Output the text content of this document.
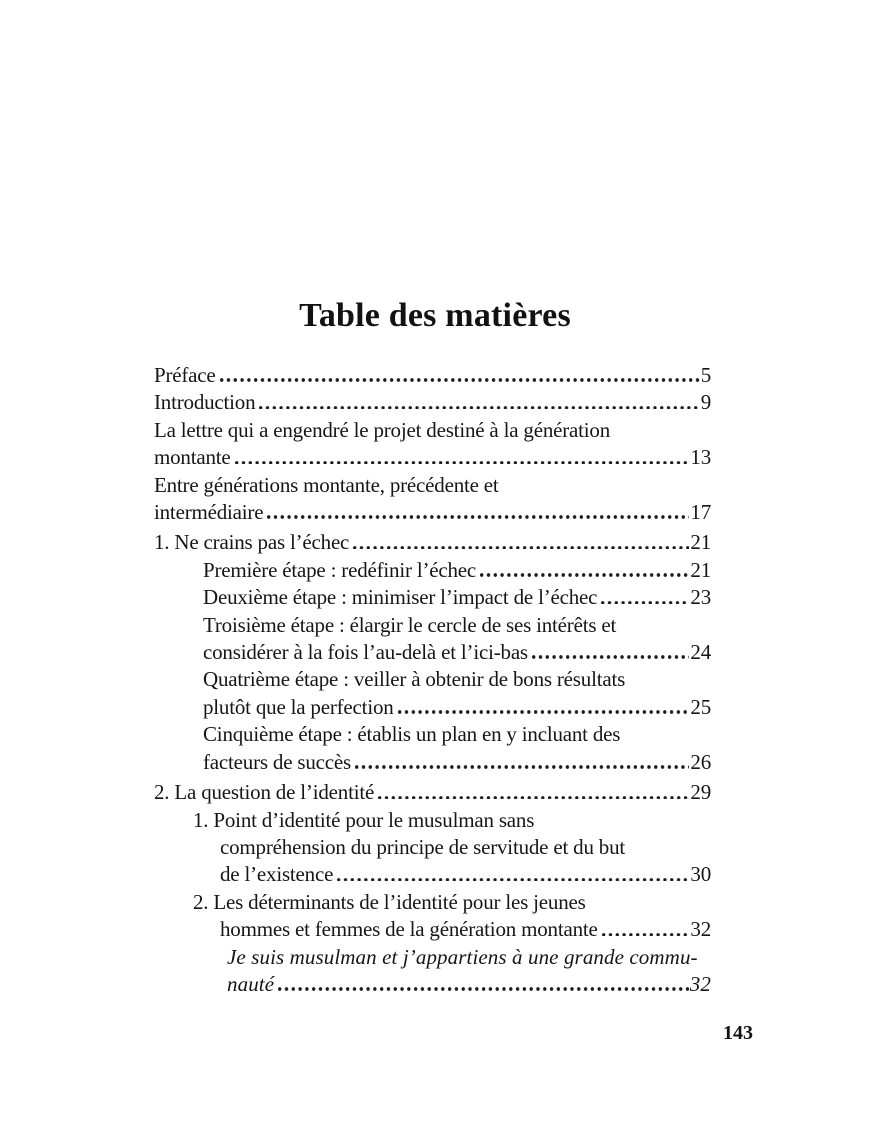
Table des matières
Préface	5
Introduction	9
La lettre qui a engendré le projet destiné à la génération
montante	13
Entre générations montante, précédente et
intermédiaire	17
1. Ne crains pas l’échec	21
Première étape : redéfinir l’échec	21
Deuxième étape : minimiser l’impact de l’échec	23
Troisième étape : élargir le cercle de ses intérêts et
considérer à la fois l’au-delà et l’ici-bas	24
Quatrième étape : veiller à obtenir de bons résultats
plutôt que la perfection	25
Cinquième étape : établis un plan en y incluant des
facteurs de succès	26
2. La question de l’identité	29
1. Point d’identité pour le musulman sans
compréhension du principe de servitude et du but
de l’existence	30
2. Les déterminants de l’identité pour les jeunes
hommes et femmes de la génération montante	32
Je suis musulman et j’appartiens à une grande commu-
nauté	32
143
